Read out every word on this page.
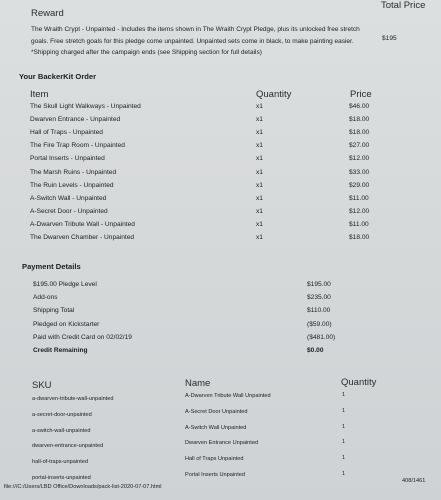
Reward
Total Price
The Wraith Crypt - Unpainted - Includes the items shown in The Wraith Crypt Pledge, plus its unlocked free stretch goals. Free stretch goals for this pledge come unpainted. Unpainted sets come in black, to make painting easier. *Shipping charged after the campaign ends (see Shipping section for full details)
$195
Your BackerKit Order
Item	Quantity	Price
The Skull Light Walkways - Unpainted	x1	$46.00
Dwarven Entrance - Unpainted	x1	$18.00
Hall of Traps - Unpainted	x1	$18.00
The Fire Trap Room - Unpainted	x1	$27.00
Portal Inserts - Unpainted	x1	$12.00
The Marsh Ruins - Unpainted	x1	$33.00
The Ruin Levels - Unpainted	x1	$29.00
A-Switch Wall - Unpainted	x1	$11.00
A-Secret Door - Unpainted	x1	$12.00
A-Dwarven Tribute Wall - Unpainted	x1	$11.00
The Dwarven Chamber - Unpainted	x1	$18.00
Payment Details
$195.00 Pledge Level	$195.00
Add-ons	$235.00
Shipping Total	$110.00
Pledged on Kickstarter	($59.00)
Paid with Credit Card on 02/02/19	($481.00)
Credit Remaining	$0.00
SKU	Name	Quantity
a-dwarven-tribute-wall-unpainted	A-Dwarven Tribute Wall Unpainted	1
a-secret-door-unpainted	A-Secret Door Unpainted	1
a-switch-wall-unpainted	A-Switch Wall Unpainted	1
dwarven-entrance-unpainted	Dwarven Entrance Unpainted	1
hall-of-traps-unpainted	Hall of Traps Unpainted	1
portal-inserts-unpainted	Portal Inserts Unpainted	1
file:///C:/Users/LBD Office/Downloads/pack-list-2020-07-07.html
408/1461
